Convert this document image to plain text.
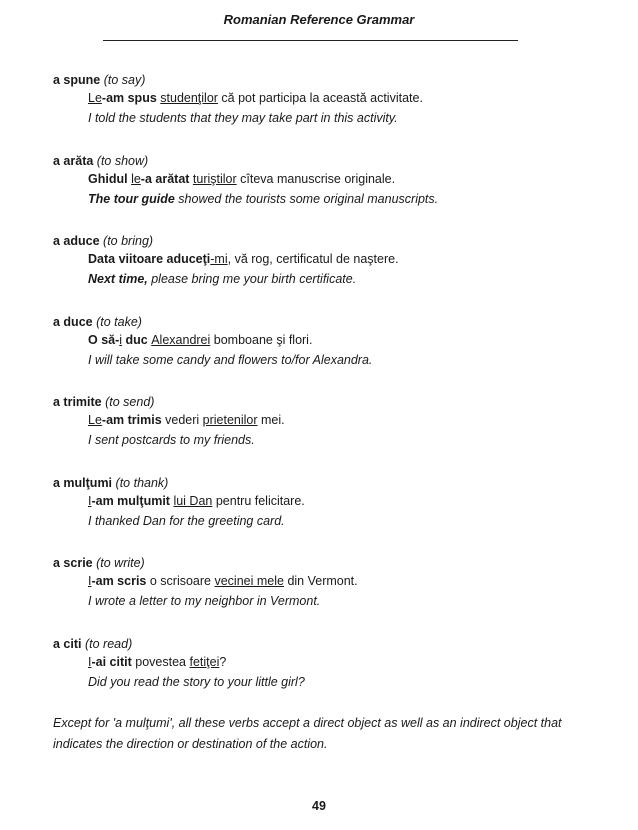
Romanian Reference Grammar
a spune (to say)
Le-am spus studenţilor că pot participa la această activitate.
I told the students that they may take part in this activity.
a arăta (to show)
Ghidul le-a arătat turiştilor cîteva manuscrise originale.
The tour guide showed the tourists some original manuscripts.
a aduce (to bring)
Data viitoare aduceţi-mi, vă rog, certificatul de naştere.
Next time, please bring me your birth certificate.
a duce (to take)
O să-i duc Alexandrei bomboane şi flori.
I will take some candy and flowers to/for Alexandra.
a trimite (to send)
Le-am trimis vederi prietenilor mei.
I sent postcards to my friends.
a mulţumi (to thank)
I-am mulţumit lui Dan pentru felicitare.
I thanked Dan for the greeting card.
a scrie (to write)
I-am scris o scrisoare vecinei mele din Vermont.
I wrote a letter to my neighbor in Vermont.
a citi (to read)
I-ai citit povestea fetiţei?
Did you read the story to your little girl?
Except for 'a mulţumi', all these verbs accept a direct object as well as an indirect object that indicates the direction or destination of the action.
49
